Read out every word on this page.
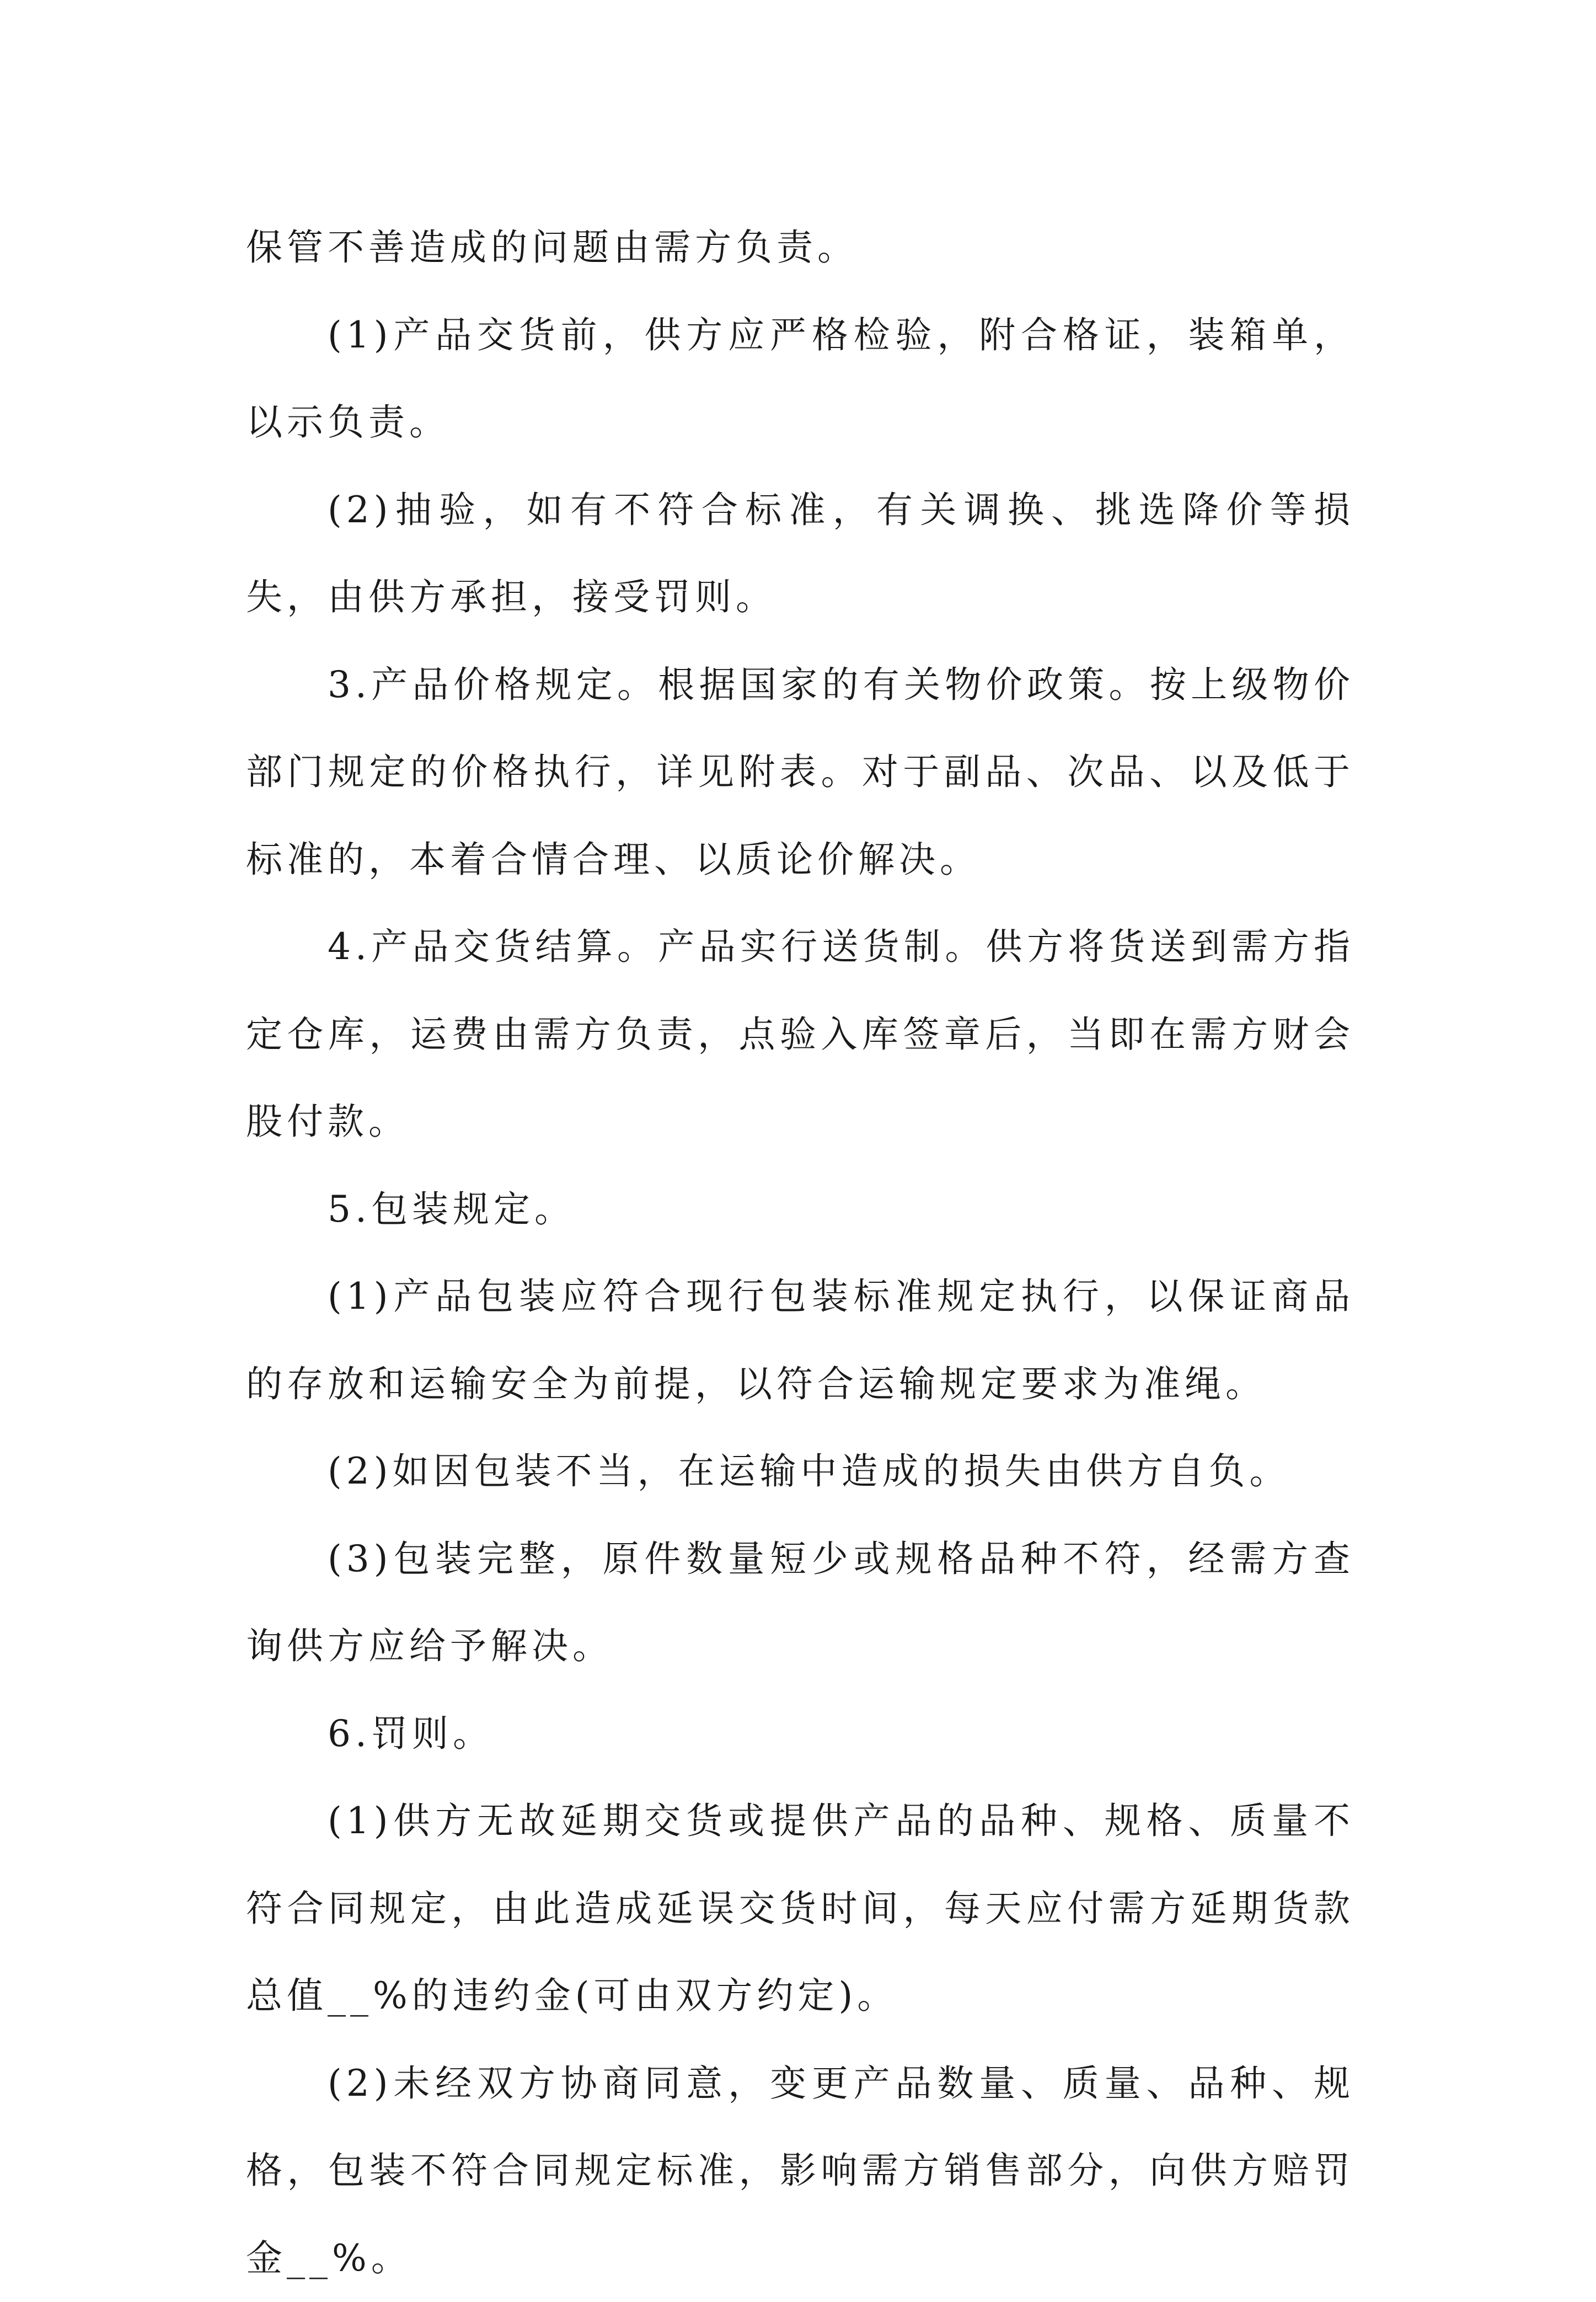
保管不善造成的问题由需方负责。

(1)产品交货前，供方应严格检验，附合格证，装箱单，以示负责。

(2)抽验，如有不符合标准，有关调换、挑选降价等损失，由供方承担，接受罚则。

3.产品价格规定。根据国家的有关物价政策。按上级物价部门规定的价格执行，详见附表。对于副品、次品、以及低于标准的，本着合情合理、以质论价解决。

4.产品交货结算。产品实行送货制。供方将货送到需方指定仓库，运费由需方负责，点验入库签章后，当即在需方财会股付款。

5.包装规定。

(1)产品包装应符合现行包装标准规定执行，以保证商品的存放和运输安全为前提，以符合运输规定要求为准绳。

(2)如因包装不当，在运输中造成的损失由供方自负。

(3)包装完整，原件数量短少或规格品种不符，经需方查询供方应给予解决。

6.罚则。

(1)供方无故延期交货或提供产品的品种、规格、质量不符合同规定，由此造成延误交货时间，每天应付需方延期货款总值__%的违约金(可由双方约定)。

(2)未经双方协商同意，变更产品数量、质量、品种、规格，包装不符合同规定标准，影响需方销售部分，向供方赔罚金__%。
